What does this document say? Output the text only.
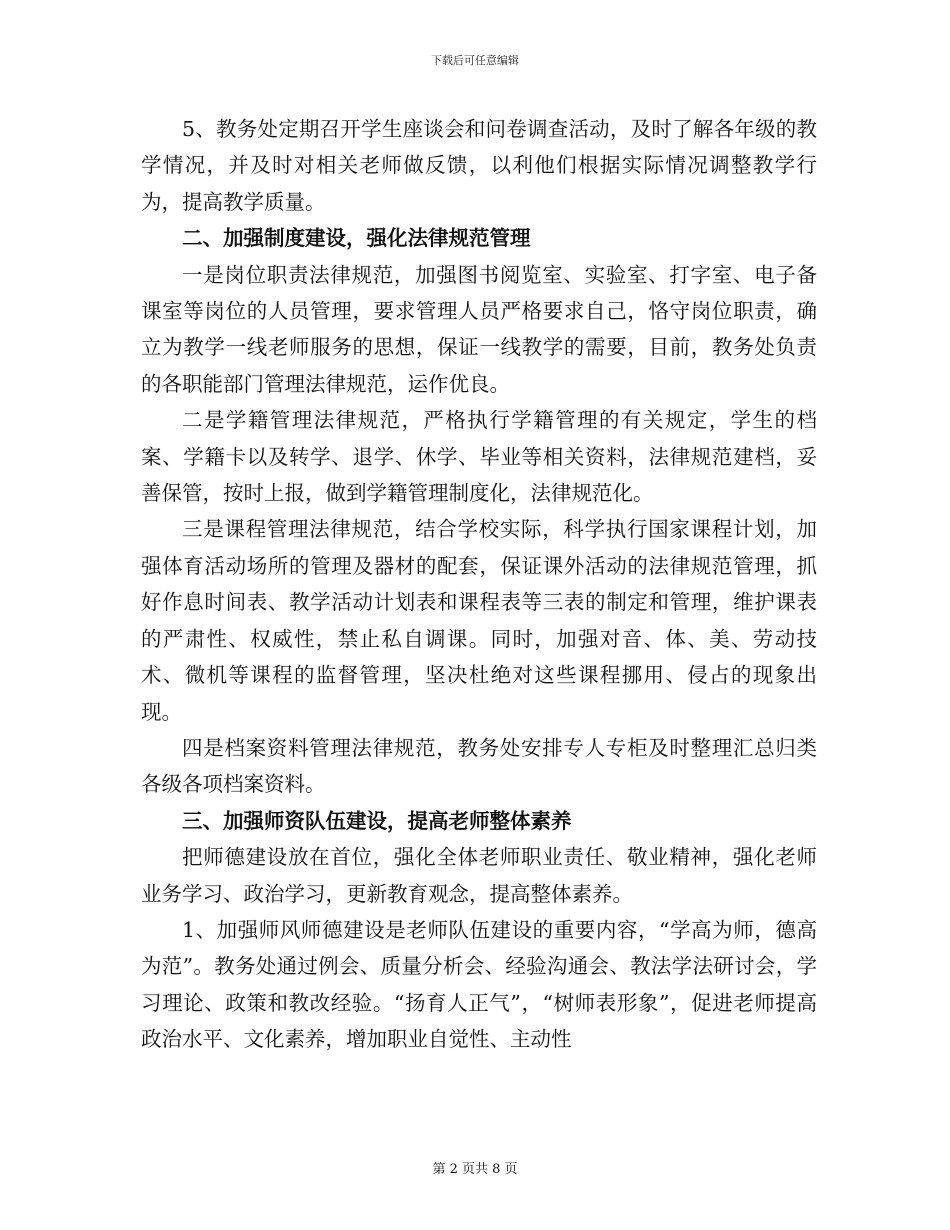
下载后可任意编辑

5、教务处定期召开学生座谈会和问卷调查活动，及时了解各年级的教学情况，并及时对相关老师做反馈，以利他们根据实际情况调整教学行为，提高教学质量。

二、加强制度建设，强化法律规范管理

一是岗位职责法律规范，加强图书阅览室、实验室、打字室、电子备课室等岗位的人员管理，要求管理人员严格要求自己，恪守岗位职责，确立为教学一线老师服务的思想，保证一线教学的需要，目前，教务处负责的各职能部门管理法律规范，运作优良。

二是学籍管理法律规范，严格执行学籍管理的有关规定，学生的档案、学籍卡以及转学、退学、休学、毕业等相关资料，法律规范建档，妥善保管，按时上报，做到学籍管理制度化，法律规范化。

三是课程管理法律规范，结合学校实际，科学执行国家课程计划，加强体育活动场所的管理及器材的配套，保证课外活动的法律规范管理，抓好作息时间表、教学活动计划表和课程表等三表的制定和管理，维护课表的严肃性、权威性，禁止私自调课。同时，加强对音、体、美、劳动技术、微机等课程的监督管理，坚决杜绝对这些课程挪用、侵占的现象出现。

四是档案资料管理法律规范，教务处安排专人专柜及时整理汇总归类各级各项档案资料。

三、加强师资队伍建设，提高老师整体素养

把师德建设放在首位，强化全体老师职业责任、敬业精神，强化老师业务学习、政治学习，更新教育观念，提高整体素养。

1、加强师风师德建设是老师队伍建设的重要内容，“学高为师，德高为范”。教务处通过例会、质量分析会、经验沟通会、教法学法研讨会，学习理论、政策和教改经验。“扬育人正气”，“树师表形象”，促进老师提高政治水平、文化素养，增加职业自觉性、主动性

第 2 页共 8 页
